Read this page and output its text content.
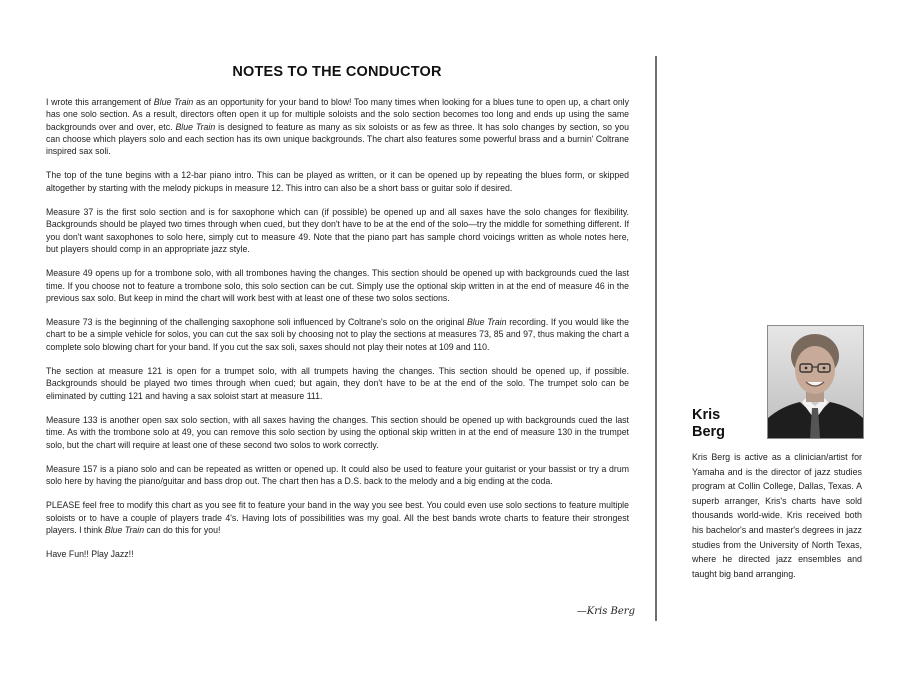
NOTES TO THE CONDUCTOR

I wrote this arrangement of Blue Train as an opportunity for your band to blow! Too many times when looking for a blues tune to open up, a chart only has one solo section. As a result, directors often open it up for multiple soloists and the solo section becomes too long and ends up using the same backgrounds over and over, etc. Blue Train is designed to feature as many as six soloists or as few as three. It has solo changes by section, so you can choose which players solo and each section has its own unique backgrounds. The chart also features some powerful brass and a burnin' Coltrane inspired sax soli.

The top of the tune begins with a 12-bar piano intro. This can be played as written, or it can be opened up by repeating the blues form, or skipped altogether by starting with the melody pickups in measure 12. This intro can also be a short bass or guitar solo if desired.

Measure 37 is the first solo section and is for saxophone which can (if possible) be opened up and all saxes have the solo changes for flexibility. Backgrounds should be played two times through when cued, but they don't have to be at the end of the solo—try the middle for something different. If you don't want saxophones to solo here, simply cut to measure 49. Note that the piano part has sample chord voicings written as whole notes here, but players should comp in an appropriate jazz style.

Measure 49 opens up for a trombone solo, with all trombones having the changes. This section should be opened up with backgrounds cued the last time. If you choose not to feature a trombone solo, this solo section can be cut. Simply use the optional skip written in at the end of measure 46 in the previous sax solo. But keep in mind the chart will work best with at least one of these two solos sections.

Measure 73 is the beginning of the challenging saxophone soli influenced by Coltrane's solo on the original Blue Train recording. If you would like the chart to be a simple vehicle for solos, you can cut the sax soli by choosing not to play the sections at measures 73, 85 and 97, thus making the chart a complete solo blowing chart for your band. If you cut the sax soli, saxes should not play their notes at 109 and 110.

The section at measure 121 is open for a trumpet solo, with all trumpets having the changes. This section should be opened up, if possible. Backgrounds should be played two times through when cued; but again, they don't have to be at the end of the solo. The trumpet solo can be eliminated by cutting 121 and having a sax soloist start at measure 111.

Measure 133 is another open sax solo section, with all saxes having the changes. This section should be opened up with backgrounds cued the last time. As with the trombone solo at 49, you can remove this solo section by using the optional skip written in at the end of measure 130 in the trumpet solo, but the chart will require at least one of these second two solos to work correctly.

Measure 157 is a piano solo and can be repeated as written or opened up. It could also be used to feature your guitarist or your bassist or try a drum solo here by having the piano/guitar and bass drop out. The chart then has a D.S. back to the melody and a big ending at the coda.

PLEASE feel free to modify this chart as you see fit to feature your band in the way you see best. You could even use solo sections to feature multiple soloists or to have a couple of players trade 4's. Having lots of possibilities was my goal. All the best bands wrote charts to feature their strongest players. I think Blue Train can do this for you!

Have Fun!! Play Jazz!!

—Kris Berg
Kris
Berg
Kris Berg is active as a clinician/artist for Yamaha and is the director of jazz studies program at Collin College, Dallas, Texas. A superb arranger, Kris's charts have sold thousands world-wide. Kris received both his bachelor's and master's degrees in jazz studies from the University of North Texas, where he directed jazz ensembles and taught big band arranging.
